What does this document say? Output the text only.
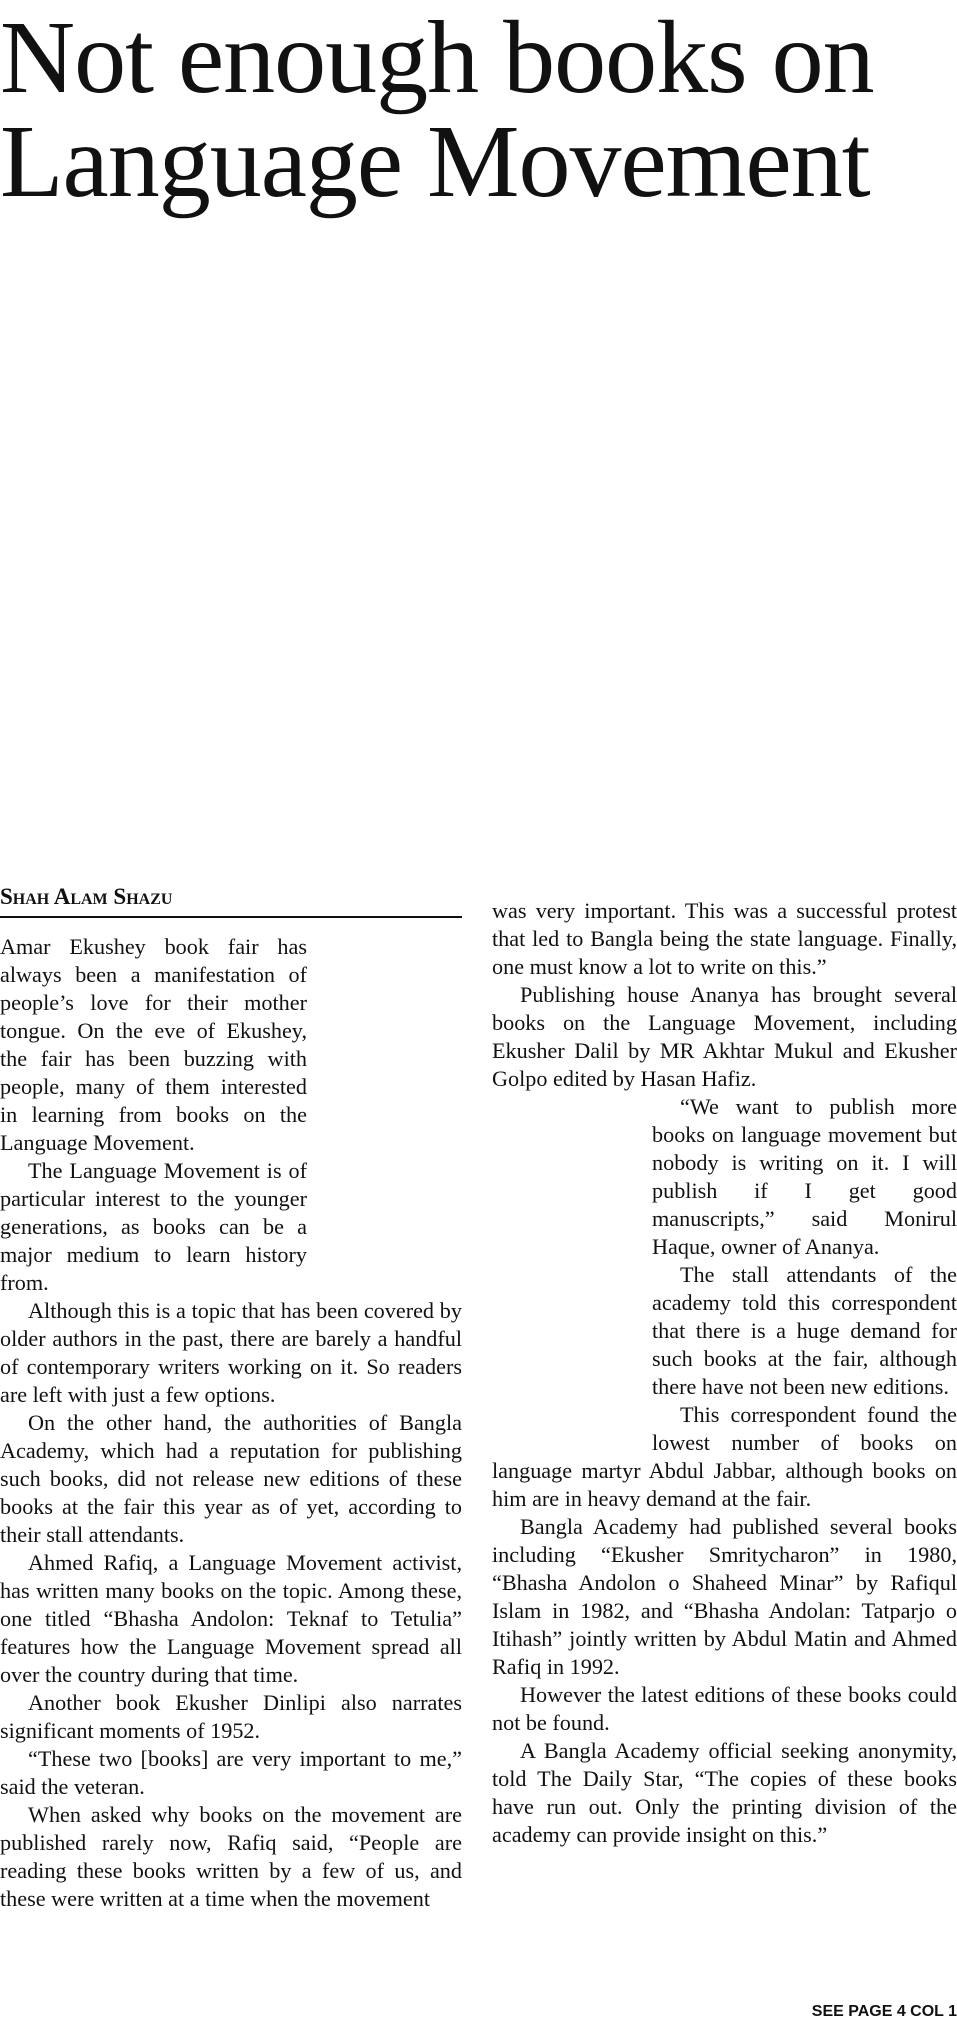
Not enough books on Language Movement
Shah Alam Shazu

Amar Ekushey book fair has always been a manifestation of people’s love for their mother tongue. On the eve of Ekushey, the fair has been buzzing with people, many of them interested in learning from books on the Language Movement.

The Language Movement is of particular interest to the younger generations, as books can be a major medium to learn history from.

Although this is a topic that has been covered by older authors in the past, there are barely a handful of contemporary writers working on it. So readers are left with just a few options.

On the other hand, the authorities of Bangla Academy, which had a reputation for publishing such books, did not release new editions of these books at the fair this year as of yet, according to their stall attendants.

Ahmed Rafiq, a Language Movement activist, has written many books on the topic. Among these, one titled “Bhasha Andolon: Teknaf to Tetulia” features how the Language Movement spread all over the country during that time.

Another book Ekusher Dinlipi also narrates significant moments of 1952.

“These two [books] are very important to me,” said the veteran.

When asked why books on the movement are published rarely now, Rafiq said, “People are reading these books written by a few of us, and these were written at a time when the movement

was very important. This was a successful protest that led to Bangla being the state language. Finally, one must know a lot to write on this.”

Publishing house Ananya has brought several books on the Language Movement, including Ekusher Dalil by MR Akhtar Mukul and Ekusher Golpo edited by Hasan Hafiz.

“We want to publish more books on language movement but nobody is writing on it. I will publish if I get good manuscripts,” said Monirul Haque, owner of Ananya.

The stall attendants of the academy told this correspondent that there is a huge demand for such books at the fair, although there have not been new editions.

This correspondent found the lowest number of books on language martyr Abdul Jabbar, although books on him are in heavy demand at the fair.

Bangla Academy had published several books including “Ekusher Smritycharon” in 1980, “Bhasha Andolon o Shaheed Minar” by Rafiqul Islam in 1982, and “Bhasha Andolan: Tatparjo o Itihash” jointly written by Abdul Matin and Ahmed Rafiq in 1992.

However the latest editions of these books could not be found.

A Bangla Academy official seeking anonymity, told The Daily Star, “The copies of these books have run out. Only the printing division of the academy can provide insight on this.”

SEE PAGE 4 COL 1
